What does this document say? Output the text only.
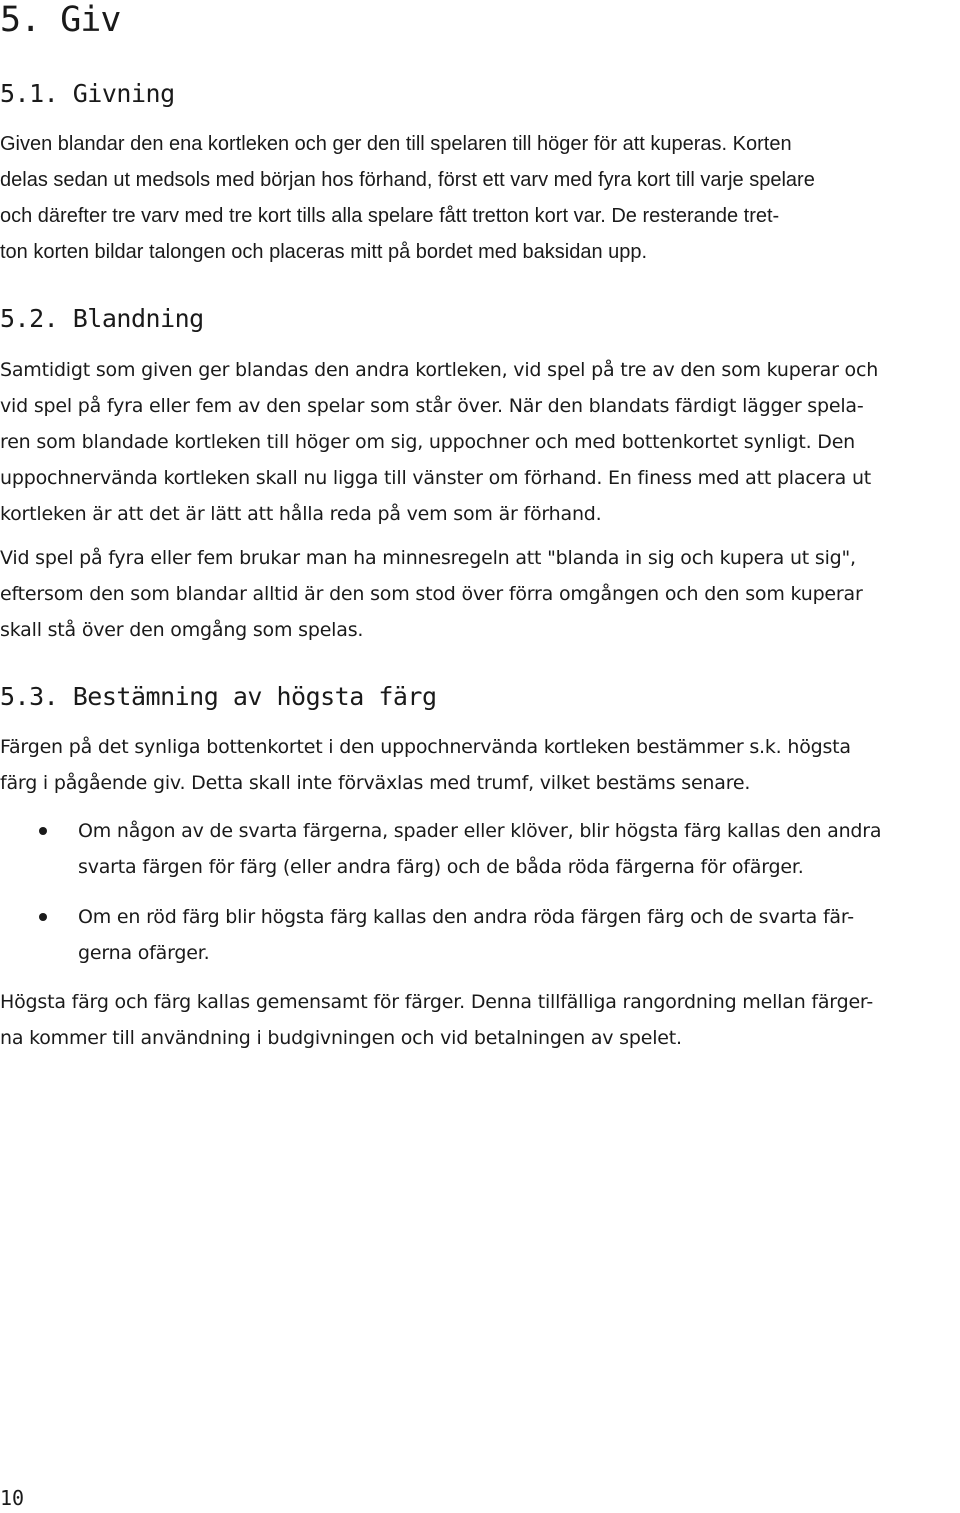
5. Giv
5.1. Givning

Given blandar den ena kortleken och ger den till spelaren till höger för att kuperas. Korten
delas sedan ut medsols med början hos förhand, först ett varv med fyra kort till varje spelare
och därefter tre varv med tre kort tills alla spelare fått tretton kort var. De resterande tret-
ton korten bildar talongen och placeras mitt på bordet med baksidan upp.

5.2. Blandning

Samtidigt som given ger blandas den andra kortleken, vid spel på tre av den som kuperar och
vid spel på fyra eller fem av den spelar som står över. När den blandats färdigt lägger spela-
ren som blandade kortleken till höger om sig, uppochner och med bottenkortet synligt. Den
uppochnervända kortleken skall nu ligga till vänster om förhand. En finess med att placera ut
kortleken är att det är lätt att hålla reda på vem som är förhand.

Vid spel på fyra eller fem brukar man ha minnesregeln att "blanda in sig och kupera ut sig",
eftersom den som blandar alltid är den som stod över förra omgången och den som kuperar
skall stå över den omgång som spelas.

5.3. Bestämning av högsta färg

Färgen på det synliga bottenkortet i den uppochnervända kortleken bestämmer s.k. högsta
färg i pågående giv. Detta skall inte förväxlas med trumf, vilket bestäms senare.

Om någon av de svarta färgerna, spader eller klöver, blir högsta färg kallas den andra
svarta färgen för färg (eller andra färg) och de båda röda färgerna för ofärger.
Om en röd färg blir högsta färg kallas den andra röda färgen färg och de svarta fär-
gerna ofärger.

Högsta färg och färg kallas gemensamt för färger. Denna tillfälliga rangordning mellan färger-
na kommer till användning i budgivningen och vid betalningen av spelet.

10
